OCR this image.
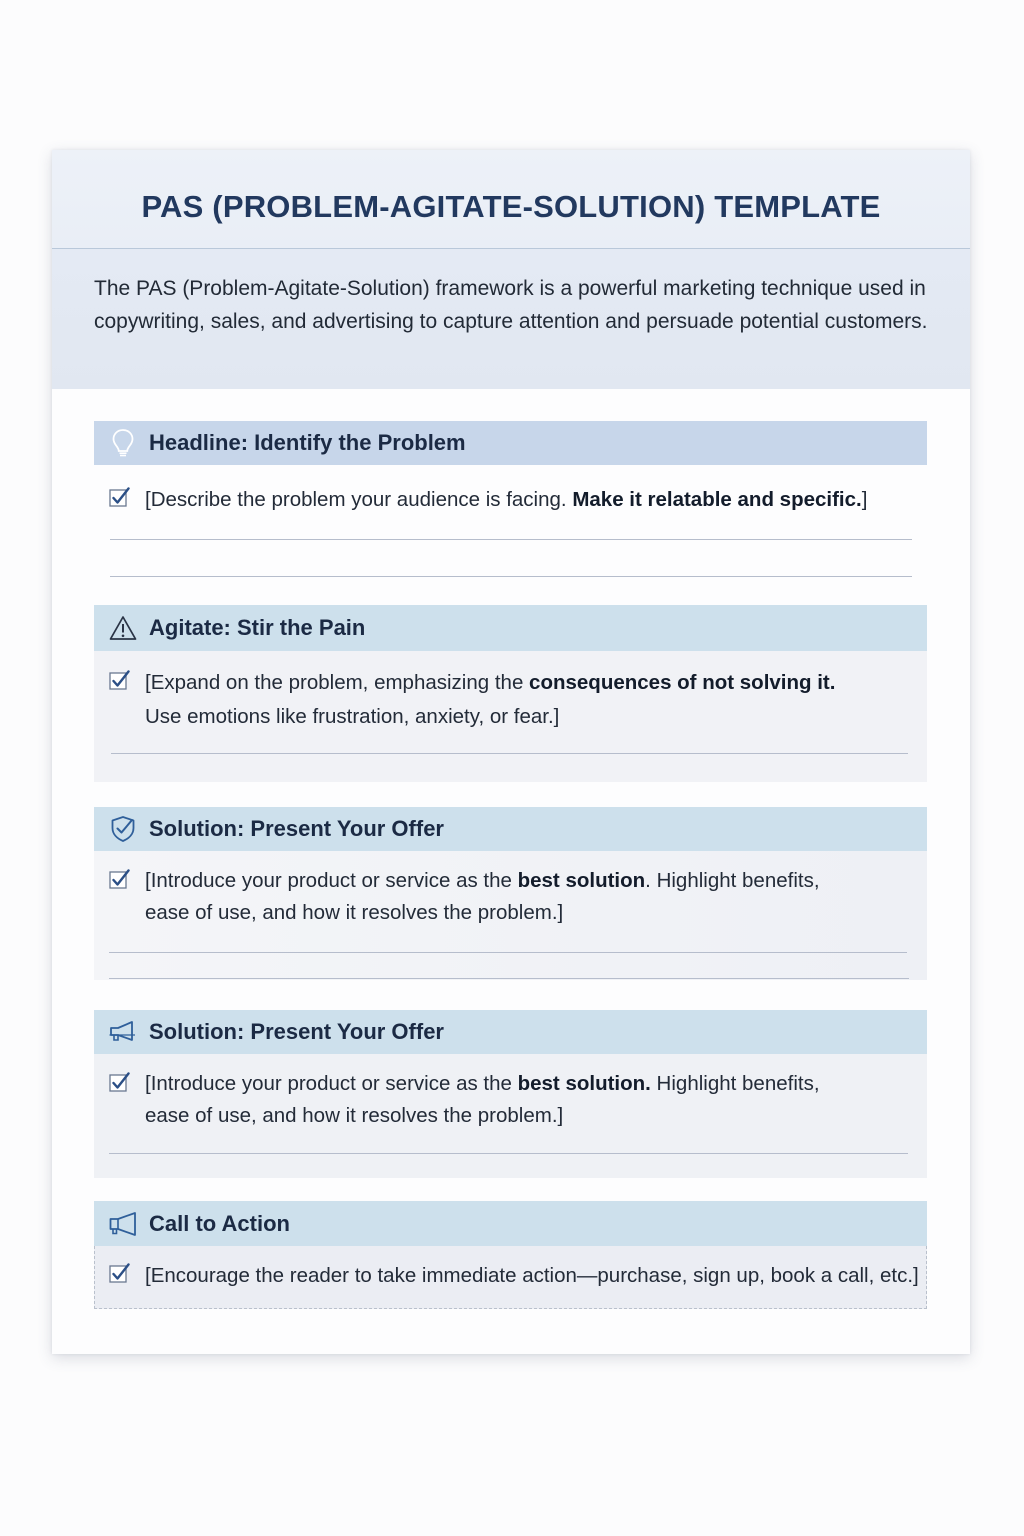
PAS (PROBLEM-AGITATE-SOLUTION) TEMPLATE

The PAS (Problem-Agitate-Solution) framework is a powerful marketing technique used in copywriting, sales, and advertising to capture attention and persuade potential customers.

Headline: Identify the Problem
[Describe the problem your audience is facing. Make it relatable and specific.]
Agitate: Stir the Pain
[Expand on the problem, emphasizing the consequences of not solving it.
Use emotions like frustration, anxiety, or fear.]
Solution: Present Your Offer
[Introduce your product or service as the best solution. Highlight benefits,
ease of use, and how it resolves the problem.]
Solution: Present Your Offer
[Introduce your product or service as the best solution. Highlight benefits,
ease of use, and how it resolves the problem.]
Call to Action
[Encourage the reader to take immediate action—purchase, sign up, book a call, etc.]
